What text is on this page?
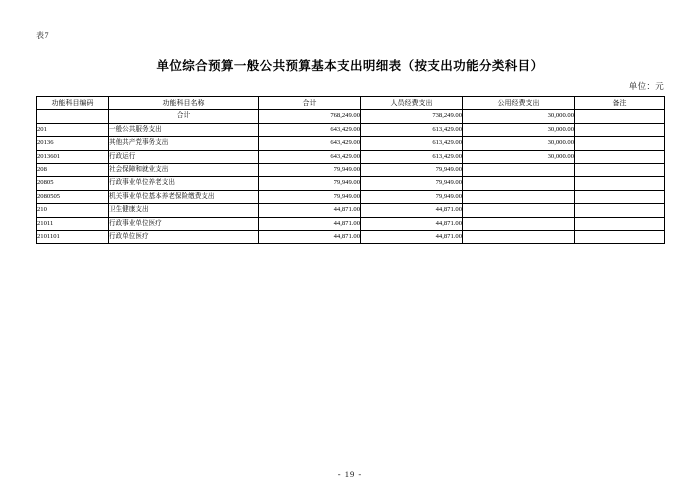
表7
单位综合预算一般公共预算基本支出明细表（按支出功能分类科目）
单位：元
功能科目编码	功能科目名称	合计	人员经费支出	公用经费支出	备注
	合计	768,249.00	738,249.00	30,000.00	
201	一般公共服务支出	643,429.00	613,429.00	30,000.00	
20136	其他共产党事务支出	643,429.00	613,429.00	30,000.00	
2013601	行政运行	643,429.00	613,429.00	30,000.00	
208	社会保障和就业支出	79,949.00	79,949.00		
20805	行政事业单位养老支出	79,949.00	79,949.00		
2080505	机关事业单位基本养老保险缴费支出	79,949.00	79,949.00		
210	卫生健康支出	44,871.00	44,871.00		
21011	行政事业单位医疗	44,871.00	44,871.00		
2101101	行政单位医疗	44,871.00	44,871.00		
- 19 -
